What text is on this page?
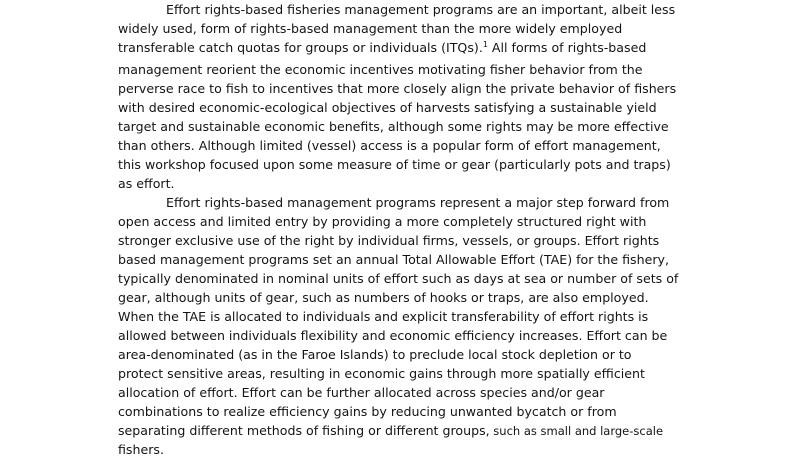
Effort rights-based fisheries management programs are an important, albeit less
widely used, form of rights-based management than the more widely employed
transferable catch quotas for groups or individuals (ITQs).$^1$ All forms of rights-based
management reorient the economic incentives motivating fisher behavior from the
perverse race to fish to incentives that more closely align the private behavior of fishers
with desired economic-ecological objectives of harvests satisfying a sustainable yield
target and sustainable economic benefits, although some rights may be more effective
than others. Although limited (vessel) access is a popular form of effort management,
this workshop focused upon some measure of time or gear (particularly pots and traps)
as effort.
Effort rights-based management programs represent a major step forward from
open access and limited entry by providing a more completely structured right with
stronger exclusive use of the right by individual firms, vessels, or groups. Effort rights
based management programs set an annual Total Allowable Effort (TAE) for the fishery,
typically denominated in nominal units of effort such as days at sea or number of sets of
gear, although units of gear, such as numbers of hooks or traps, are also employed.
When the TAE is allocated to individuals and explicit transferability of effort rights is
allowed between individuals flexibility and economic efficiency increases. Effort can be
area-denominated (as in the Faroe Islands) to preclude local stock depletion or to
protect sensitive areas, resulting in economic gains through more spatially efficient
allocation of effort. Effort can be further allocated across species and/or gear
combinations to realize efficiency gains by reducing unwanted bycatch or from
separating different methods of fishing or different groups, such as small and large-scale
fishers.
